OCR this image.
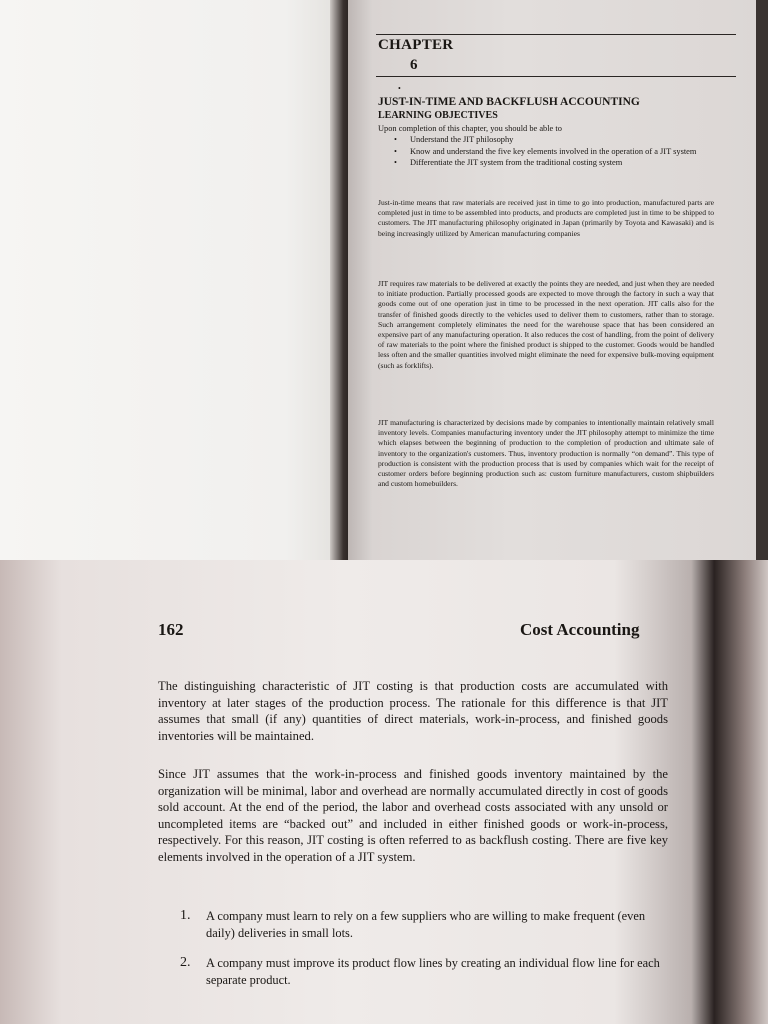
CHAPTER
6
•
JUST-IN-TIME AND BACKFLUSH ACCOUNTING
LEARNING OBJECTIVES
Upon completion of this chapter, you should be able to
• Understand the JIT philosophy
• Know and understand the five key elements involved in the operation of a JIT system
• Differentiate the JIT system from the traditional costing system

Just-in-time means that raw materials are received just in time to go into production, manufactured parts are completed just in time to be assembled into products, and products are completed just in time to be shipped to customers. The JIT manufacturing philosophy originated in Japan (primarily by Toyota and Kawasaki) and is being increasingly utilized by American manufacturing companies

JIT requires raw materials to be delivered at exactly the points they are needed, and just when they are needed to initiate production. Partially processed goods are expected to move through the factory in such a way that goods come out of one operation just in time to be processed in the next operation. JIT calls also for the transfer of finished goods directly to the vehicles used to deliver them to customers, rather than to storage. Such arrangement completely eliminates the need for the warehouse space that has been considered an expensive part of any manufacturing operation. It also reduces the cost of handling, from the point of delivery of raw materials to the point where the finished product is shipped to the customer. Goods would be handled less often and the smaller quantities involved might eliminate the need for expensive bulk-moving equipment (such as forklifts).

JIT manufacturing is characterized by decisions made by companies to intentionally maintain relatively small inventory levels. Companies manufacturing inventory under the JIT philosophy attempt to minimize the time which elapses between the beginning of production to the completion of production and ultimate sale of inventory to the organization's customers. Thus, inventory production is normally “on demand”. This type of production is consistent with the production process that is used by companies which wait for the receipt of customer orders before beginning production such as: custom furniture manufacturers, custom shipbuilders and custom homebuilders.

162	Cost Accounting

The distinguishing characteristic of JIT costing is that production costs are accumulated with inventory at later stages of the production process. The rationale for this difference is that JIT assumes that small (if any) quantities of direct materials, work-in-process, and finished goods inventories will be maintained.

Since JIT assumes that the work-in-process and finished goods inventory maintained by the organization will be minimal, labor and overhead are normally accumulated directly in cost of goods sold account. At the end of the period, the labor and overhead costs associated with any unsold or uncompleted items are “backed out” and included in either finished goods or work-in-process, respectively. For this reason, JIT costing is often referred to as backflush costing. There are five key elements involved in the operation of a JIT system.

1. A company must learn to rely on a few suppliers who are willing to make frequent (even daily) deliveries in small lots.
2. A company must improve its product flow lines by creating an individual flow line for each separate product.
